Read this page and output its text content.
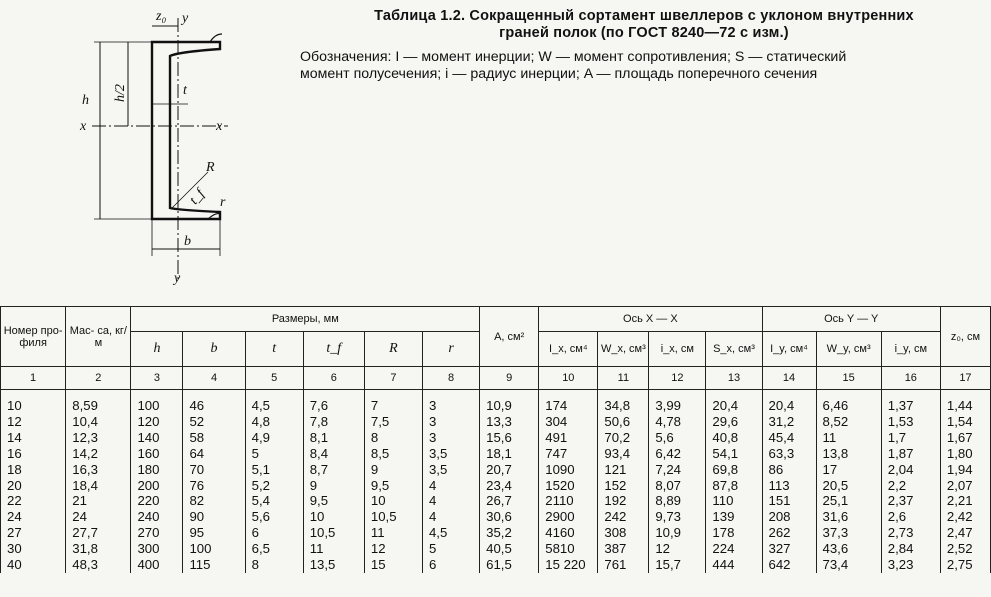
z₀ y
h h/2	t
x	x
R
t_f r
b
y
Таблица 1.2. Сокращенный сортамент швеллеров с уклоном внутренних
граней полок (по ГОСТ 8240—72 с изм.)
Обозначения: I — момент инерции; W — момент сопротивления; S — статический
момент полусечения; i — радиус инерции; A — площадь поперечного сечения
Номер про- филя	Мас- са, кг/м	Размеры, мм						A, см²	Ось X — X				Ось Y — Y			z₀, см
		h	b	t	t_f	R	r		I_x, см⁴	W_x, см³	i_x, см	S_x, см³	I_y, см⁴	W_y, см³	i_y, см	
1	2	3	4	5	6	7	8	9	10	11	12	13	14	15	16	17
10	8,59	100	46	4,5	7,6	7	3	10,9	174	34,8	3,99	20,4	20,4	6,46	1,37	1,44
12	10,4	120	52	4,8	7,8	7,5	3	13,3	304	50,6	4,78	29,6	31,2	8,52	1,53	1,54
14	12,3	140	58	4,9	8,1	8	3	15,6	491	70,2	5,6	40,8	45,4	11	1,7	1,67
16	14,2	160	64	5	8,4	8,5	3,5	18,1	747	93,4	6,42	54,1	63,3	13,8	1,87	1,80
18	16,3	180	70	5,1	8,7	9	3,5	20,7	1090	121	7,24	69,8	86	17	2,04	1,94
20	18,4	200	76	5,2	9	9,5	4	23,4	1520	152	8,07	87,8	113	20,5	2,2	2,07
22	21	220	82	5,4	9,5	10	4	26,7	2110	192	8,89	110	151	25,1	2,37	2,21
24	24	240	90	5,6	10	10,5	4	30,6	2900	242	9,73	139	208	31,6	2,6	2,42
27	27,7	270	95	6	10,5	11	4,5	35,2	4160	308	10,9	178	262	37,3	2,73	2,47
30	31,8	300	100	6,5	11	12	5	40,5	5810	387	12	224	327	43,6	2,84	2,52
40	48,3	400	115	8	13,5	15	6	61,5	15 220	761	15,7	444	642	73,4	3,23	2,75
